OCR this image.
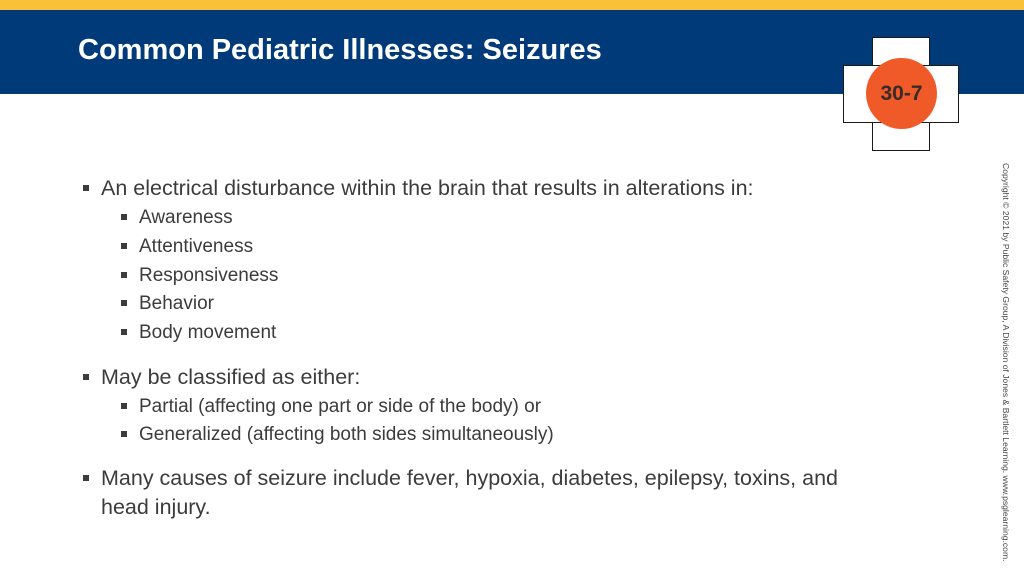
Common Pediatric Illnesses: Seizures
30-7
An electrical disturbance within the brain that results in alterations in:
Awareness
Attentiveness
Responsiveness
Behavior
Body movement
May be classified as either:
Partial (affecting one part or side of the body) or
Generalized (affecting both sides simultaneously)
Many causes of seizure include fever, hypoxia, diabetes, epilepsy, toxins, and
head injury.	Copyright © 2021 by Public Safety Group, A Division of Jones & Bartlett Learning. www.psglearning.com.
